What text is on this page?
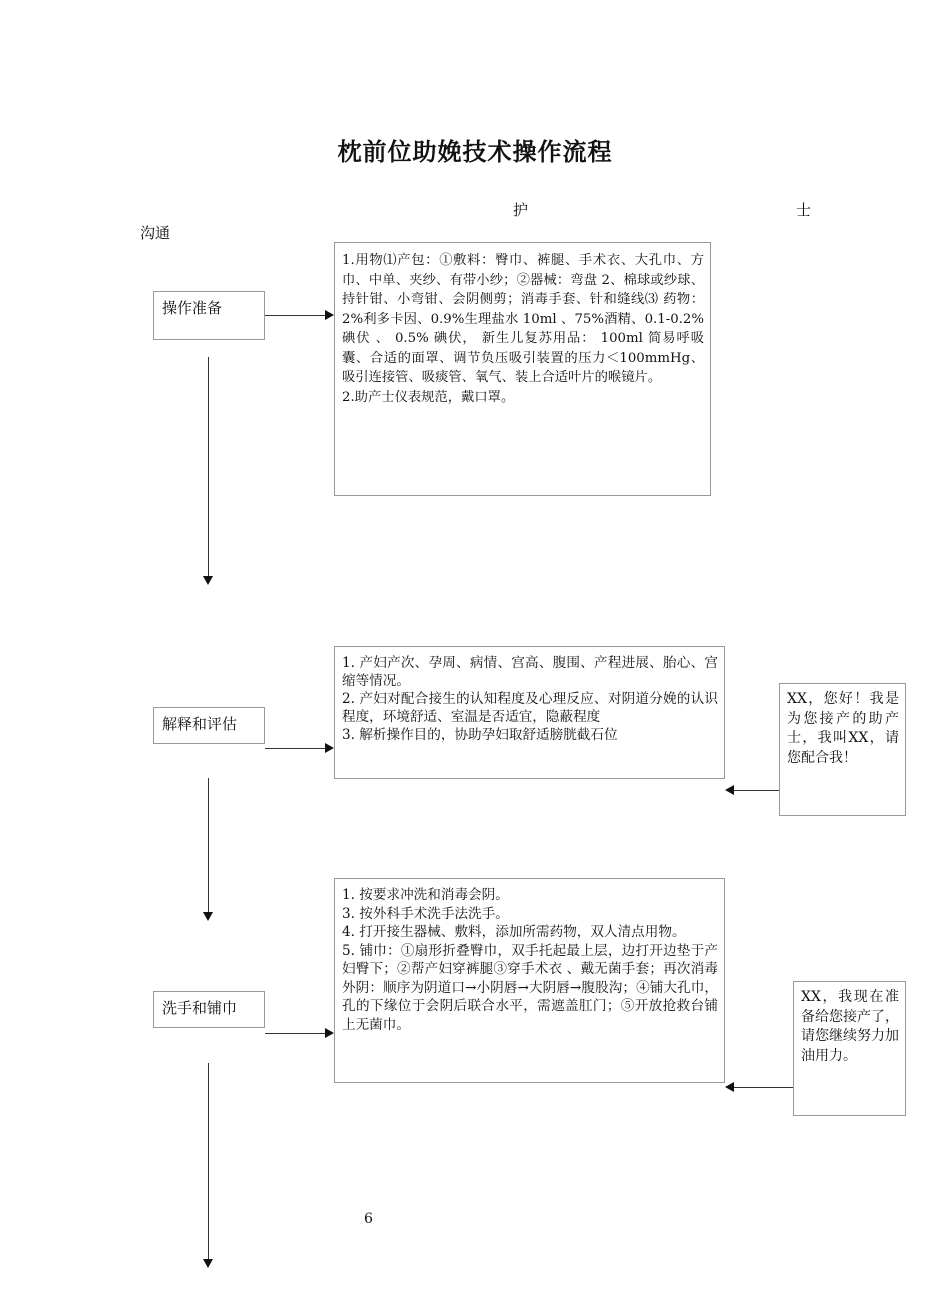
枕前位助娩技术操作流程
护	士
沟通
操作准备
1.用物⑴产包：①敷料：臀巾、裤腿、手术衣、大孔巾、方巾、中单、夹纱、有带小纱；②器械：弯盘 2、棉球或纱球、持针钳、小弯钳、会阴侧剪；消毒手套、针和缝线⑶ 药物：2%利多卡因、0.9%生理盐水 10ml 、75%酒精、0.1-0.2% 碘伏 、 0.5% 碘伏， 新生儿复苏用品： 100ml 简易呼吸囊、合适的面罩、调节负压吸引装置的压力＜100mmHg、吸引连接管、吸痰管、氧气、装上合适叶片的喉镜片。
2.助产士仪表规范，戴口罩。
解释和评估
1. 产妇产次、孕周、病情、宫高、腹围、产程进展、胎心、宫缩等情况。
2. 产妇对配合接生的认知程度及心理反应、对阴道分娩的认识程度，环境舒适、室温是否适宜，隐蔽程度
3. 解析操作目的，协助孕妇取舒适膀胱截石位
XX，您好！我是为您接产的助产士，我叫XX，请您配合我！
洗手和铺巾
1. 按要求冲洗和消毒会阴。
3. 按外科手术洗手法洗手。
4. 打开接生器械、敷料，添加所需药物，双人清点用物。
5. 铺巾：①扇形折叠臀巾，双手托起最上层，边打开边垫于产妇臀下；②帮产妇穿裤腿③穿手术衣 、戴无菌手套；再次消毒外阴：顺序为阴道口→小阴唇→大阴唇→腹股沟；④铺大孔巾，孔的下缘位于会阴后联合水平，需遮盖肛门；⑤开放抢救台铺上无菌巾。
XX，我现在准备给您接产了，请您继续努力加油用力。
6
